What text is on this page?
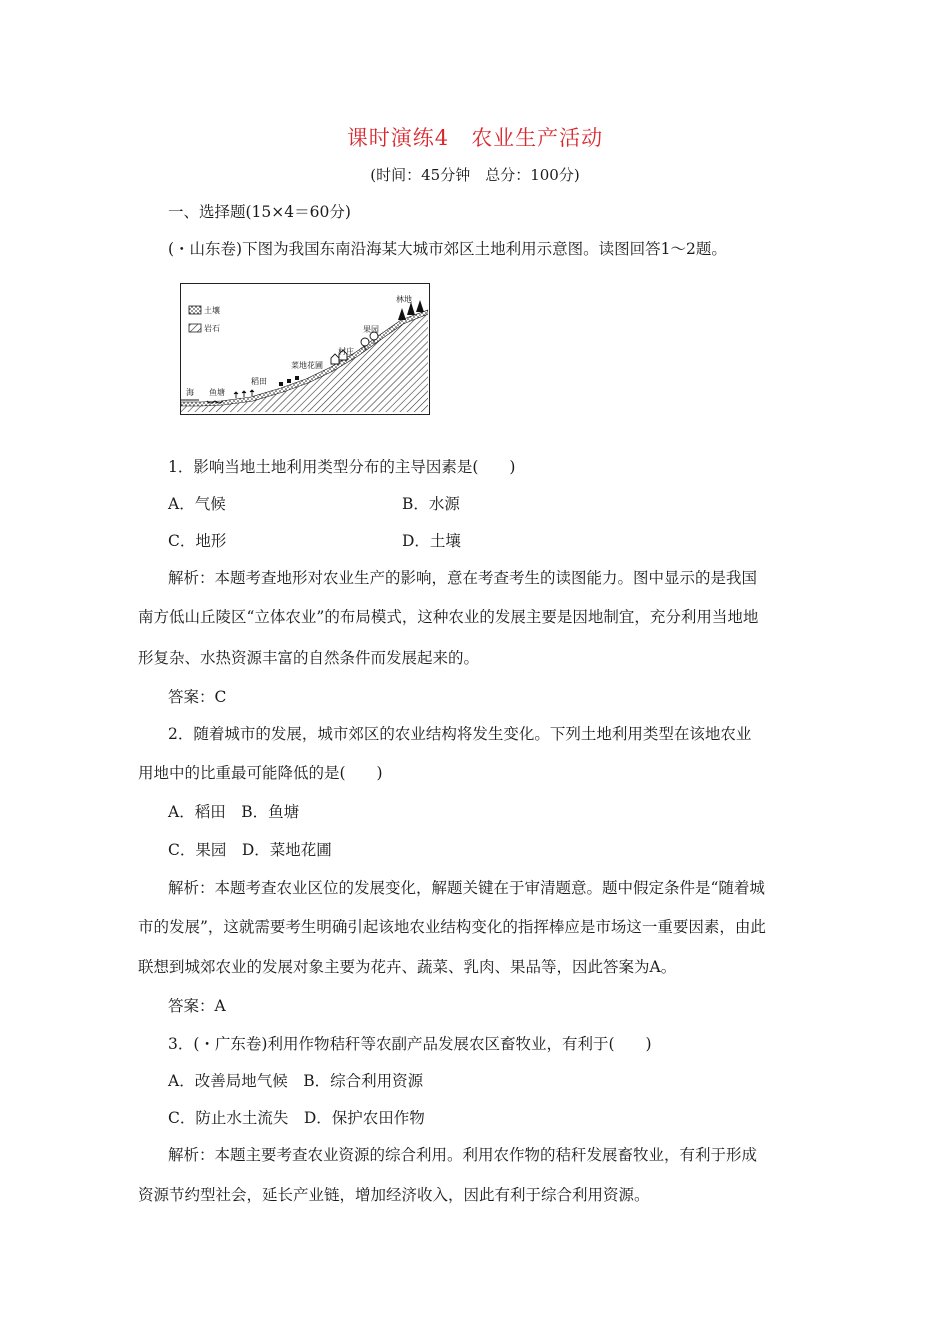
课时演练4 农业生产活动
(时间：45分钟　总分：100分)
一、选择题(15×4＝60分)
(・山东卷)下图为我国东南沿海某大城市郊区土地利用示意图。读图回答1～2题。
土壤
岩石
林地
果园
村庄
菜地花圃
稻田
鱼塘
海
1．影响当地土地利用类型分布的主导因素是(　　)
A．气候	B．水源
C．地形	D．土壤
解析：本题考查地形对农业生产的影响，意在考查考生的读图能力。图中显示的是我国
南方低山丘陵区“立体农业”的布局模式，这种农业的发展主要是因地制宜，充分利用当地地
形复杂、水热资源丰富的自然条件而发展起来的。
答案：C
2．随着城市的发展，城市郊区的农业结构将发生变化。下列土地利用类型在该地农业
用地中的比重最可能降低的是(　　)
A．稻田　B．鱼塘
C．果园　D．菜地花圃
解析：本题考查农业区位的发展变化，解题关键在于审清题意。题中假定条件是“随着城
市的发展”，这就需要考生明确引起该地农业结构变化的指挥棒应是市场这一重要因素，由此
联想到城郊农业的发展对象主要为花卉、蔬菜、乳肉、果品等，因此答案为A。
答案：A
3．(・广东卷)利用作物秸秆等农副产品发展农区畜牧业，有利于(　　)
A．改善局地气候　B．综合利用资源
C．防止水土流失　D．保护农田作物
解析：本题主要考查农业资源的综合利用。利用农作物的秸秆发展畜牧业，有利于形成
资源节约型社会，延长产业链，增加经济收入，因此有利于综合利用资源。
